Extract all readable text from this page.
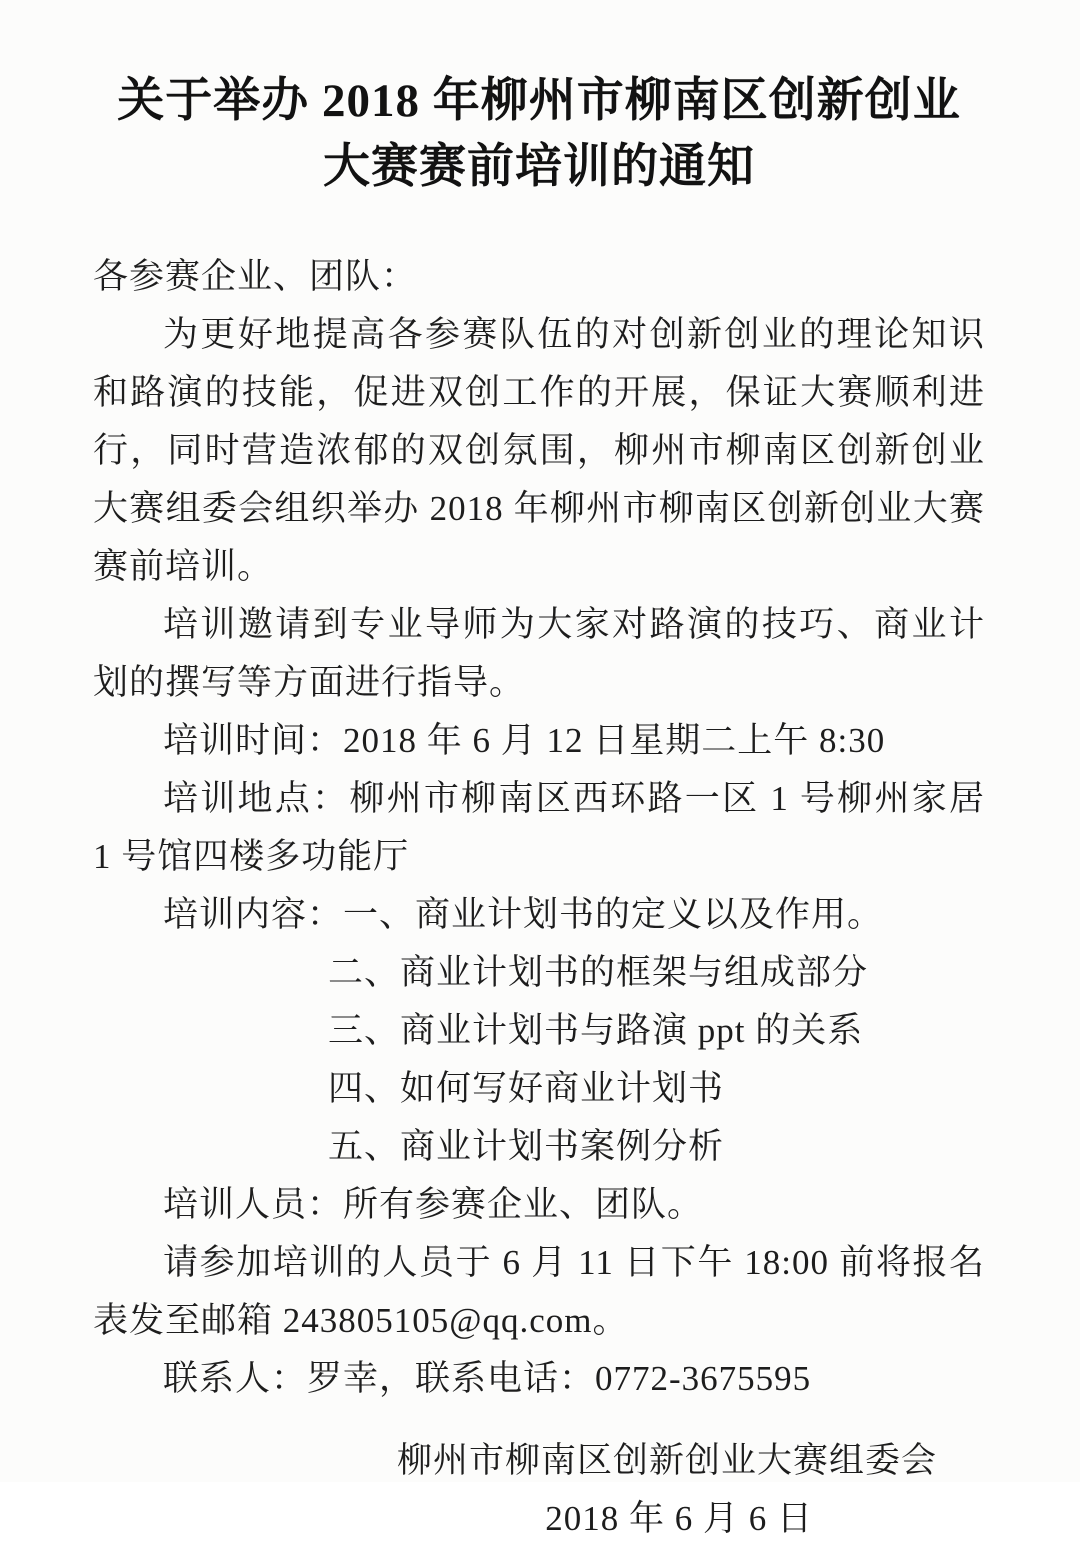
关于举办 2018 年柳州市柳南区创新创业
大赛赛前培训的通知

各参赛企业、团队：

为更好地提高各参赛队伍的对创新创业的理论知识和路演的技能，促进双创工作的开展，保证大赛顺利进行，同时营造浓郁的双创氛围，柳州市柳南区创新创业大赛组委会组织举办 2018 年柳州市柳南区创新创业大赛赛前培训。

培训邀请到专业导师为大家对路演的技巧、商业计划的撰写等方面进行指导。

培训时间：2018 年 6 月 12 日星期二上午 8:30

培训地点：柳州市柳南区西环路一区 1 号柳州家居 1 号馆四楼多功能厅

培训内容：一、商业计划书的定义以及作用。

二、商业计划书的框架与组成部分

三、商业计划书与路演 ppt 的关系

四、如何写好商业计划书

五、商业计划书案例分析

培训人员：所有参赛企业、团队。

请参加培训的人员于 6 月 11 日下午 18:00 前将报名表发至邮箱 243805105@qq.com。

联系人：罗幸，联系电话：0772-3675595

柳州市柳南区创新创业大赛组委会

2018 年 6 月 6 日
